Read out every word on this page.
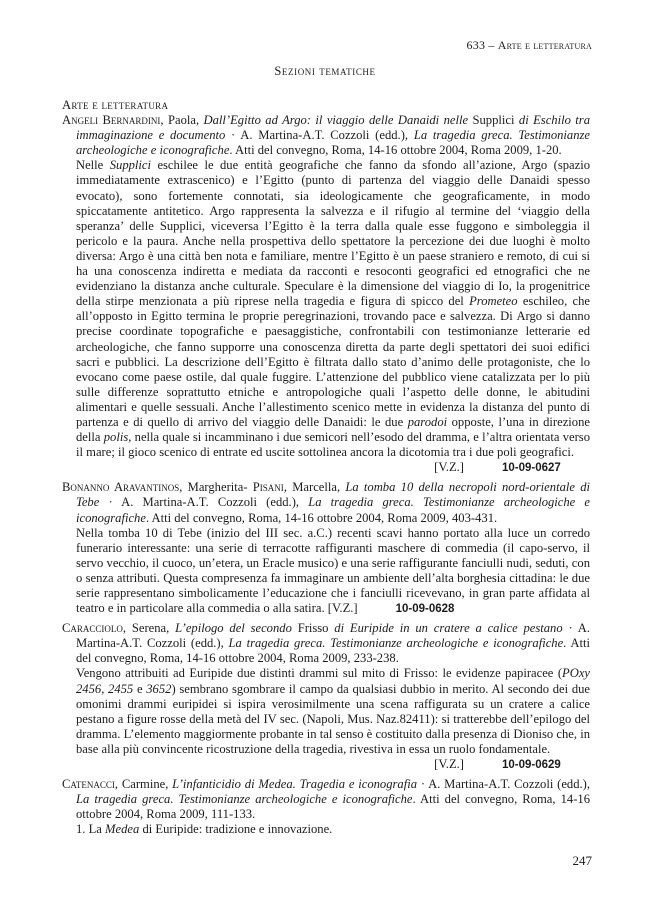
633 – Arte e letteratura
Sezioni tematiche

Arte e letteratura

Angeli Bernardini, Paola, Dall’Egitto ad Argo: il viaggio delle Danaidi nelle Supplici di Eschilo tra immaginazione e documento · A. Martina-A.T. Cozzoli (edd.), La tragedia greca. Testimonianze archeologiche e iconografiche. Atti del convegno, Roma, 14-16 ottobre 2004, Roma 2009, 1-20.

Nelle Supplici eschilee le due entità geografiche che fanno da sfondo all’azione, Argo (spazio immediatamente extrascenico) e l’Egitto (punto di partenza del viaggio delle Danaidi spesso evocato), sono fortemente connotati, sia ideologicamente che geograficamente, in modo spiccatamente antitetico. Argo rappresenta la salvezza e il rifugio al termine del ‘viaggio della speranza’ delle Supplici, viceversa l’Egitto è la terra dalla quale esse fuggono e simboleggia il pericolo e la paura. Anche nella prospettiva dello spettatore la percezione dei due luoghi è molto diversa: Argo è una città ben nota e familiare, mentre l’Egitto è un paese straniero e remoto, di cui si ha una conoscenza indiretta e mediata da racconti e resoconti geografici ed etnografici che ne evidenziano la distanza anche culturale. Speculare è la dimensione del viaggio di Io, la progenitrice della stirpe menzionata a più riprese nella tragedia e figura di spicco del Prometeo eschileo, che all’opposto in Egitto termina le proprie peregrinazioni, trovando pace e salvezza. Di Argo si danno precise coordinate topografiche e paesaggistiche, confrontabili con testimonianze letterarie ed archeologiche, che fanno supporre una conoscenza diretta da parte degli spettatori dei suoi edifici sacri e pubblici. La descrizione dell’Egitto è filtrata dallo stato d’animo delle protagoniste, che lo evocano come paese ostile, dal quale fuggire. L’attenzione del pubblico viene catalizzata per lo più sulle differenze soprattutto etniche e antropologiche quali l’aspetto delle donne, le abitudini alimentari e quelle sessuali. Anche l’allestimento scenico mette in evidenza la distanza del punto di partenza e di quello di arrivo del viaggio delle Danaidi: le due parodoi opposte, l’una in direzione della polis, nella quale si incamminano i due semicori nell’esodo del dramma, e l’altra orientata verso il mare; il gioco scenico di entrate ed uscite sottolinea ancora la dicotomia tra i due poli geografici.

[V.Z.]	10-09-0627

Bonanno Aravantinos, Margherita- Pisani, Marcella, La tomba 10 della necropoli nord-orientale di Tebe · A. Martina-A.T. Cozzoli (edd.), La tragedia greca. Testimonianze archeologiche e iconografiche. Atti del convegno, Roma, 14-16 ottobre 2004, Roma 2009, 403-431.

Nella tomba 10 di Tebe (inizio del III sec. a.C.) recenti scavi hanno portato alla luce un corredo funerario interessante: una serie di terracotte raffiguranti maschere di commedia (il capo-servo, il servo vecchio, il cuoco, un’etera, un Eracle musico) e una serie raffigurante fanciulli nudi, seduti, con o senza attributi. Questa compresenza fa immaginare un ambiente dell’alta borghesia cittadina: le due serie rappresentano simbolicamente l’educazione che i fanciulli ricevevano, in gran parte affidata al teatro e in particolare alla commedia o alla satira. [V.Z.]	10-09-0628

Caracciolo, Serena, L’epilogo del secondo Frisso di Euripide in un cratere a calice pestano · A. Martina-A.T. Cozzoli (edd.), La tragedia greca. Testimonianze archeologiche e iconografiche. Atti del convegno, Roma, 14-16 ottobre 2004, Roma 2009, 233-238.

Vengono attribuiti ad Euripide due distinti drammi sul mito di Frisso: le evidenze papiracee (POxy 2456, 2455 e 3652) sembrano sgombrare il campo da qualsiasi dubbio in merito. Al secondo dei due omonimi drammi euripidei si ispira verosimilmente una scena raffigurata su un cratere a calice pestano a figure rosse della metà del IV sec. (Napoli, Mus. Naz.82411): si tratterebbe dell’epilogo del dramma. L’elemento maggiormente probante in tal senso è costituito dalla presenza di Dioniso che, in base alla più convincente ricostruzione della tragedia, rivestiva in essa un ruolo fondamentale.

[V.Z.]	10-09-0629

Catenacci, Carmine, L’infanticidio di Medea. Tragedia e iconografia · A. Martina-A.T. Cozzoli (edd.), La tragedia greca. Testimonianze archeologiche e iconografiche. Atti del convegno, Roma, 14-16 ottobre 2004, Roma 2009, 111-133.

1. La Medea di Euripide: tradizione e innovazione.

247
